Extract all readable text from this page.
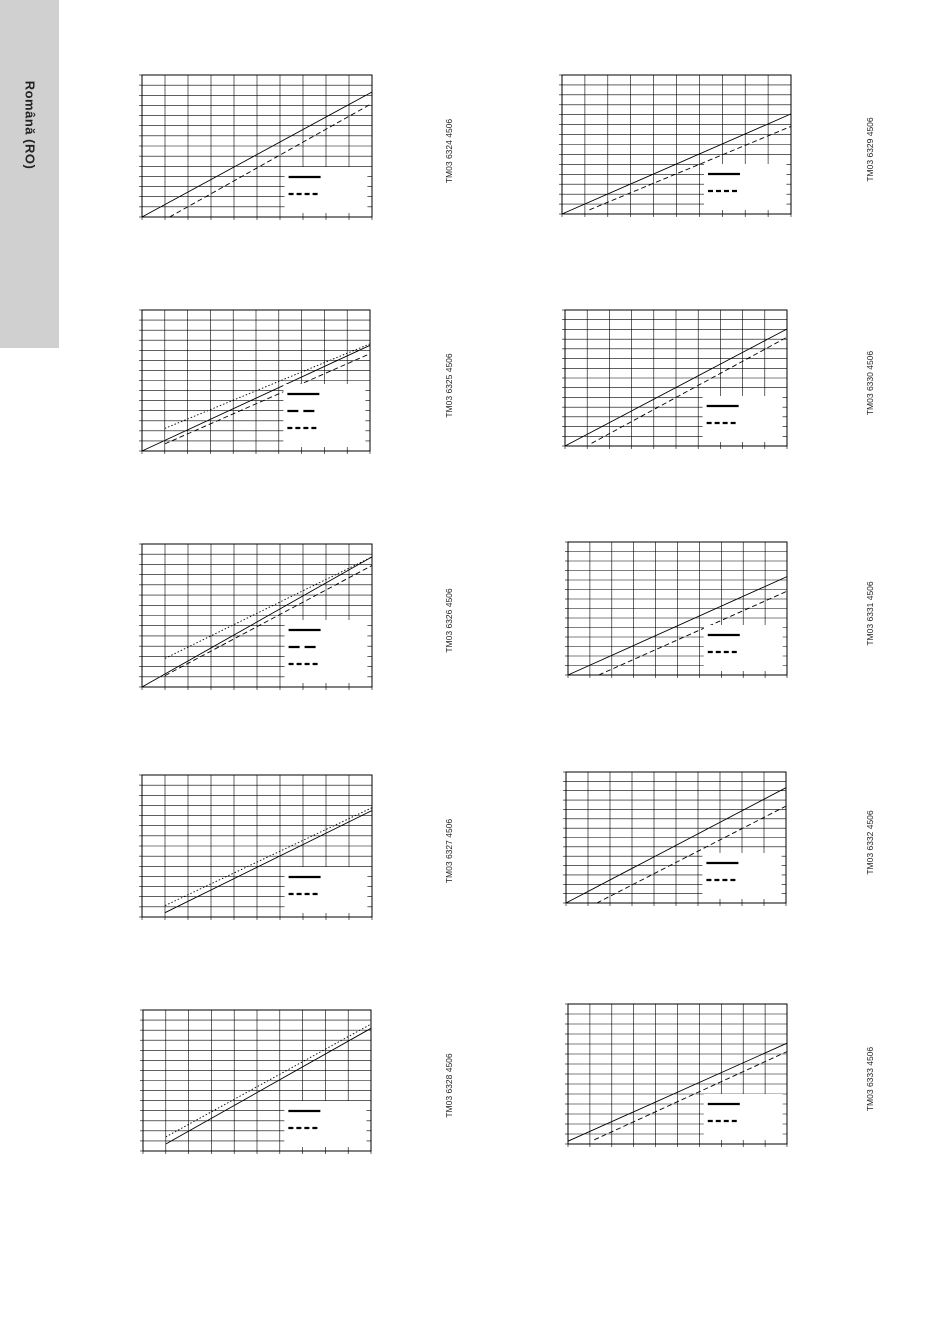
Română (RO)	TM03 6324 4506	TM03 6329 4506
TM03 6325 4506	TM03 6330 4506
TM03 6326 4506	TM03 6331 4506
TM03 6327 4506	TM03 6332 4506
TM03 6328 4506	TM03 6333 4506
